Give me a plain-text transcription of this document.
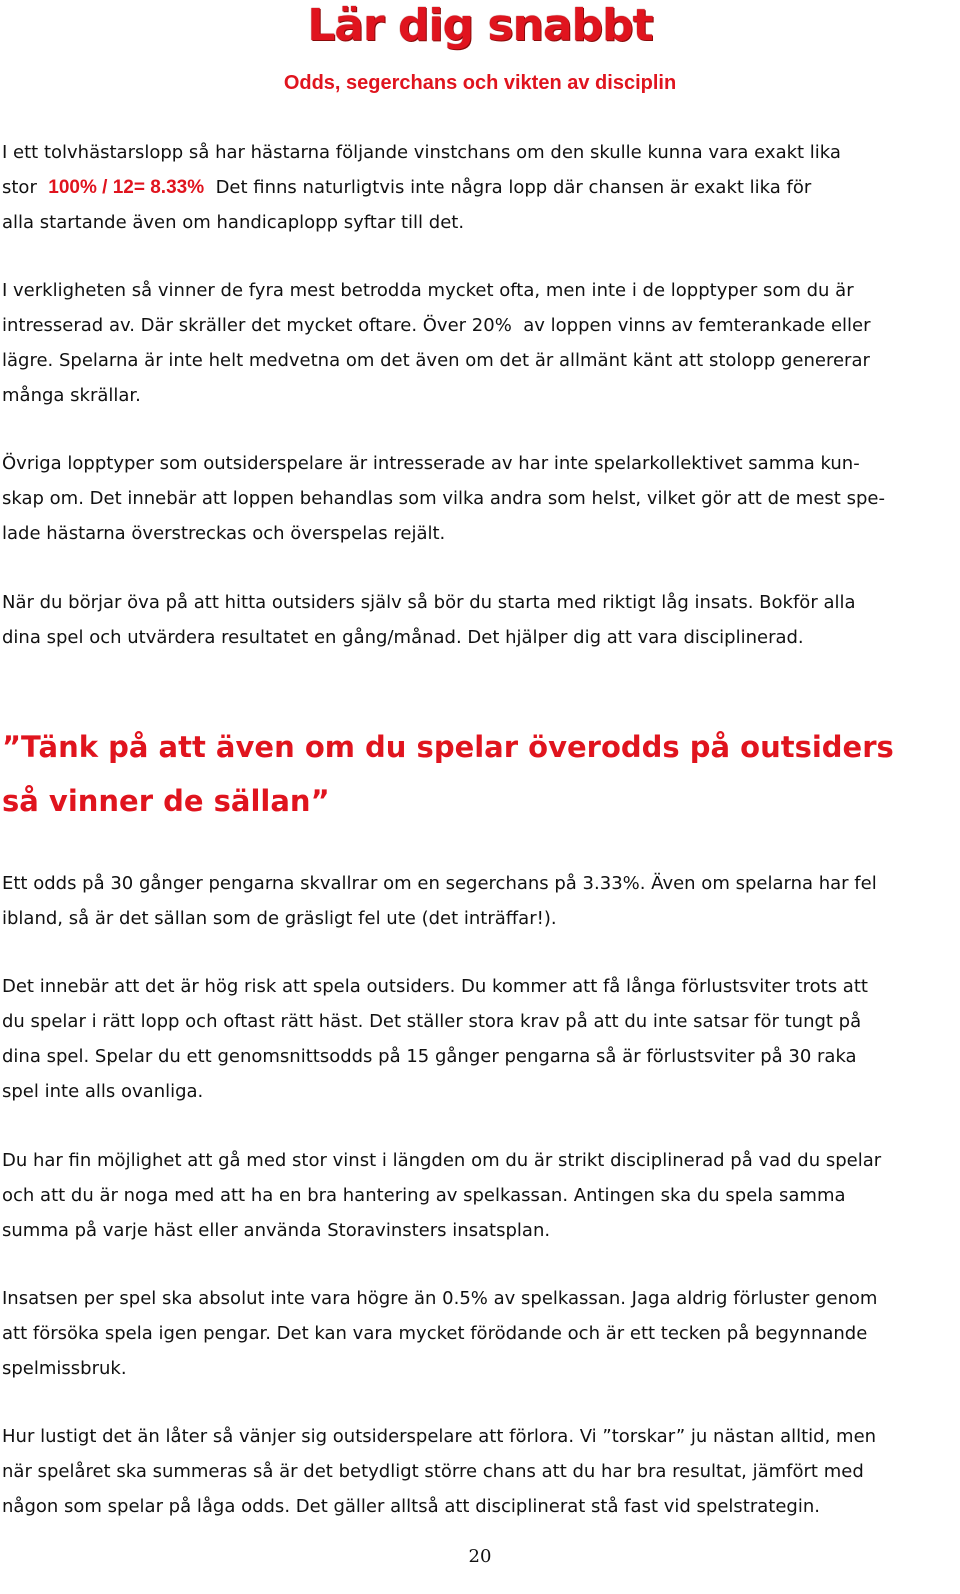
Lär dig snabbt
Odds, segerchans och vikten av disciplin

I ett tolvhästarslopp så har hästarna följande vinstchans om den skulle kunna vara exakt lika
stor  100% / 12= 8.33%  Det finns naturligtvis inte några lopp där chansen är exakt lika för
alla startande även om handicaplopp syftar till det.

I verkligheten så vinner de fyra mest betrodda mycket ofta, men inte i de lopptyper som du är
intresserad av. Där skräller det mycket oftare. Över 20%  av loppen vinns av femterankade eller
lägre. Spelarna är inte helt medvetna om det även om det är allmänt känt att stolopp genererar
många skrällar.

Övriga lopptyper som outsiderspelare är intresserade av har inte spelarkollektivet samma kun-
skap om. Det innebär att loppen behandlas som vilka andra som helst, vilket gör att de mest spe-
lade hästarna överstreckas och överspelas rejält.

När du börjar öva på att hitta outsiders själv så bör du starta med riktigt låg insats. Bokför alla
dina spel och utvärdera resultatet en gång/månad. Det hjälper dig att vara disciplinerad.

”Tänk på att även om du spelar överodds på outsiders
så vinner de sällan”

Ett odds på 30 gånger pengarna skvallrar om en segerchans på 3.33%. Även om spelarna har fel
ibland, så är det sällan som de gräsligt fel ute (det inträffar!).

Det innebär att det är hög risk att spela outsiders. Du kommer att få långa förlustsviter trots att
du spelar i rätt lopp och oftast rätt häst. Det ställer stora krav på att du inte satsar för tungt på
dina spel. Spelar du ett genomsnittsodds på 15 gånger pengarna så är förlustsviter på 30 raka
spel inte alls ovanliga.

Du har fin möjlighet att gå med stor vinst i längden om du är strikt disciplinerad på vad du spelar
och att du är noga med att ha en bra hantering av spelkassan. Antingen ska du spela samma
summa på varje häst eller använda Storavinsters insatsplan.

Insatsen per spel ska absolut inte vara högre än 0.5% av spelkassan. Jaga aldrig förluster genom
att försöka spela igen pengar. Det kan vara mycket förödande och är ett tecken på begynnande
spelmissbruk.

Hur lustigt det än låter så vänjer sig outsiderspelare att förlora. Vi ”torskar” ju nästan alltid, men
när spelåret ska summeras så är det betydligt större chans att du har bra resultat, jämfört med
någon som spelar på låga odds. Det gäller alltså att disciplinerat stå fast vid spelstrategin.

20
